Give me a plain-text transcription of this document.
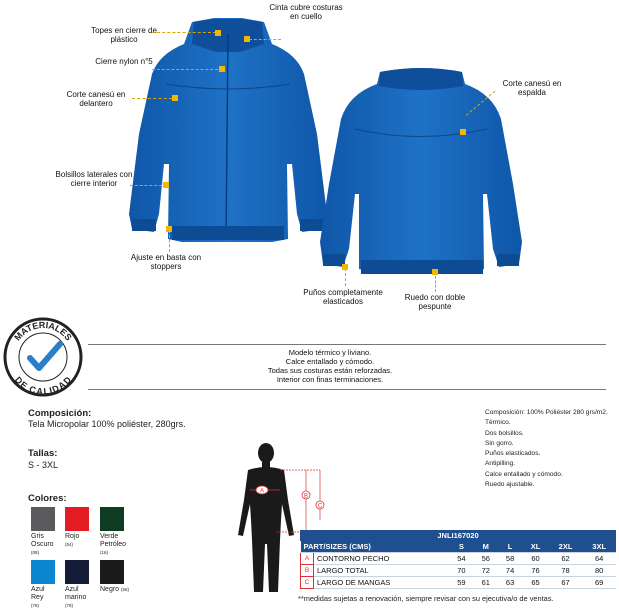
Topes en cierre de plástico
Cinta cubre costuras en cuello
Cierre nylon n°5
Corte canesú en delantero
Bolsillos laterales con cierre interior
Ajuste en basta con stoppers
Corte canesú en espalda
Puños completamente elasticados	Ruedo con doble pespunte
MATERIALES
DE CALIDAD
Modelo térmico y liviano.
Calce entallado y cómodo.
Todas sus costuras están reforzadas.
Interior con finas terminaciones.
Composición:
Tela Micropolar 100% poliéster, 280grs.
Tallas:
S - 3XL
Colores:
Gris Oscuro
(08)
Rojo
(54)
Verde Petróleo
(16)
Azul Rey
(78)
Azul marino
(79)
Negro (56)
Composición: 100% Poliéster 280 grs/m2.
Térmico.
Dos bolsillos.
Sin gorro.
Puños elasticados.
Antipilling.
Calce entallado y cómodo.
Ruedo ajustable.
A
B
C
JNLI167020
PART/SIZES (CMS)		S	M	L	XL	2XL	3XL
A	CONTORNO PECHO	54	56	58	60	62	64
B	LARGO TOTAL	70	72	74	76	78	80
C	LARGO DE MANGAS	59	61	63	65	67	69
**medidas sujetas a renovación, siempre revisar con su ejecutiva/o de ventas.
